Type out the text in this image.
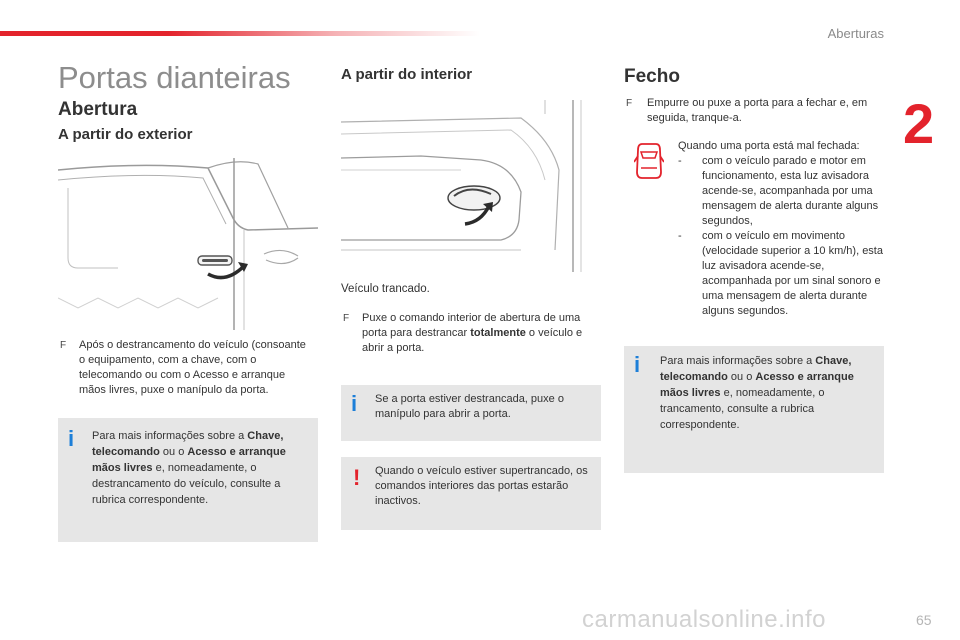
Aberturas
2
Portas dianteiras
Abertura
A partir do exterior
F Após o destrancamento do veículo (consoante o equipamento, com a chave, com o telecomando ou com o Acesso e arranque mãos livres, puxe o manípulo da porta.
i Para mais informações sobre a Chave, telecomando ou o Acesso e arranque mãos livres e, nomeadamente, o destrancamento do veículo, consulte a rubrica correspondente.
A partir do interior
Veículo trancado.
F Puxe o comando interior de abertura de uma porta para destrancar totalmente o veículo e abrir a porta.
i Se a porta estiver destrancada, puxe o manípulo para abrir a porta.
! Quando o veículo estiver supertrancado, os comandos interiores das portas estarão inactivos.
Fecho
F Empurre ou puxe a porta para a fechar e, em seguida, tranque-a.
Quando uma porta está mal fechada:
- com o veículo parado e motor em funcionamento, esta luz avisadora acende-se, acompanhada por uma mensagem de alerta durante alguns segundos,
- com o veículo em movimento (velocidade superior a 10 km/h), esta luz avisadora acende-se, acompanhada por um sinal sonoro e uma mensagem de alerta durante alguns segundos.
i Para mais informações sobre a Chave, telecomando ou o Acesso e arranque mãos livres e, nomeadamente, o trancamento, consulte a rubrica correspondente.
carmanualsonline.info	65
